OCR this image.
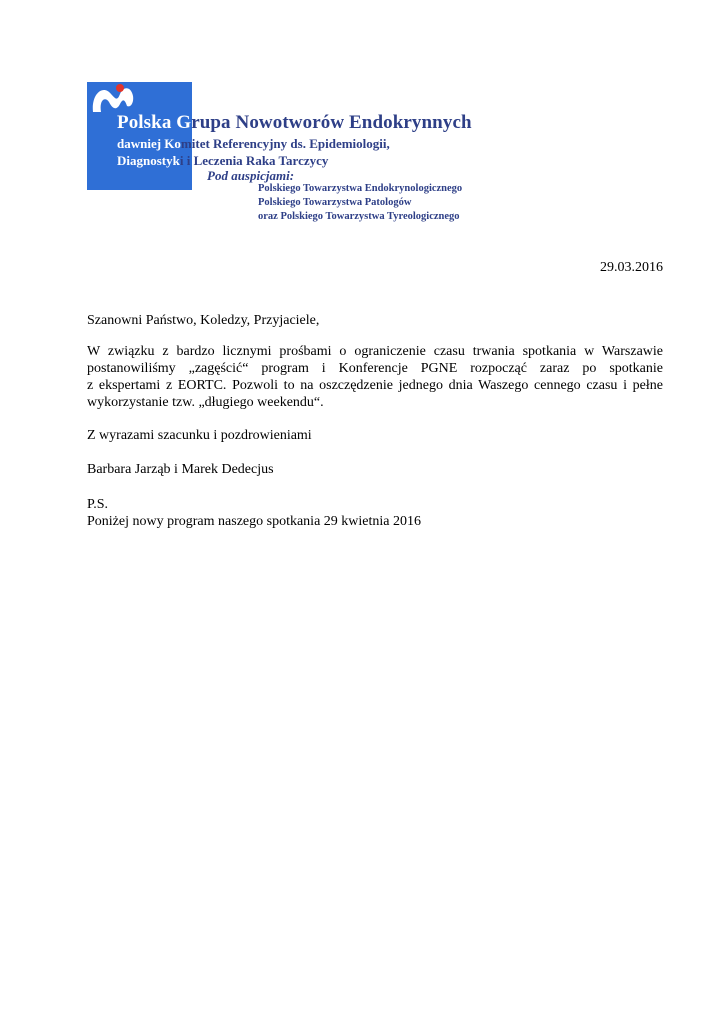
Polska Grupa Nowotworów Endokrynnych
dawniej Komitet Referencyjny ds. Epidemiologii,
Diagnostyki i Leczenia Raka Tarczycy
Pod auspicjami:
Polskiego Towarzystwa Endokrynologicznego
Polskiego Towarzystwa Patologów
oraz Polskiego Towarzystwa Tyreologicznego
29.03.2016

Szanowni Państwo, Koledzy, Przyjaciele,

W związku z bardzo licznymi prośbami o ograniczenie czasu trwania spotkania w Warszawie
postanowiliśmy „zagęścić“ program i Konferencje PGNE rozpocząć zaraz po spotkanie
z ekspertami z EORTC. Pozwoli to na oszczędzenie jednego dnia Waszego cennego czasu i pełne
wykorzystanie tzw. „długiego weekendu“.

Z wyrazami szacunku i pozdrowieniami

Barbara Jarząb i Marek Dedecjus

P.S.

Poniżej nowy program naszego spotkania 29 kwietnia 2016
